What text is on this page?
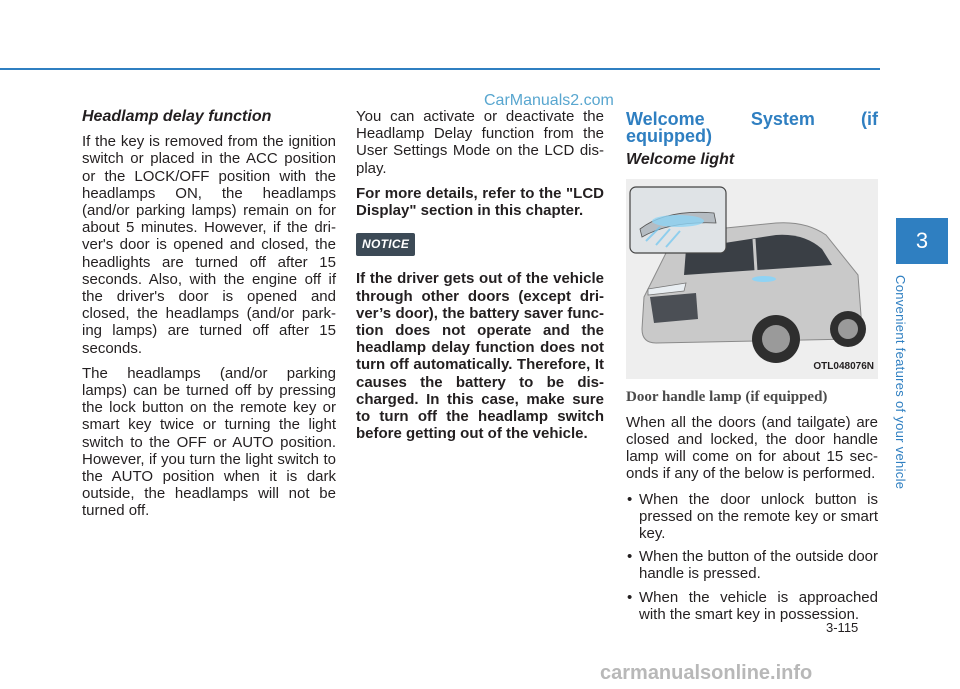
CarManuals2.com

Headlamp delay function

If the key is removed from the ignition switch or placed in the ACC position or the LOCK/OFF position with the headlamps ON, the headlamps (and/or parking lamps) remain on for about 5 minutes. However, if the dri-ver's door is opened and closed, the headlights are turned off after 15 seconds. Also, with the engine off if the driver's door is opened and closed, the headlamps (and/or park-ing lamps) are turned off after 15 seconds.

The headlamps (and/or parking lamps) can be turned off by pressing the lock button on the remote key or smart key twice or turning the light switch to the OFF or AUTO position. However, if you turn the light switch to the AUTO position when it is dark outside, the headlamps will not be turned off.

You can activate or deactivate the Headlamp Delay function from the User Settings Mode on the LCD dis-play.

For more details, refer to the "LCD Display" section in this chapter.

NOTICE

If the driver gets out of the vehicle through other doors (except dri-ver’s door), the battery saver func-tion does not operate and the headlamp delay function does not turn off automatically. Therefore, It causes the battery to be dis-charged. In this case, make sure to turn off the headlamp switch before getting out of the vehicle.

Welcome System (if equipped)
Welcome light
OTL048076N
Door handle lamp (if equipped)

When all the doors (and tailgate) are closed and locked, the door handle lamp will come on for about 15 sec-onds if any of the below is performed.

• When the door unlock button is pressed on the remote key or smart key.
• When the button of the outside door handle is pressed.
• When the vehicle is approached with the smart key in possession.
3
Convenient features of your vehicle
3-115
carmanualsonline.info
